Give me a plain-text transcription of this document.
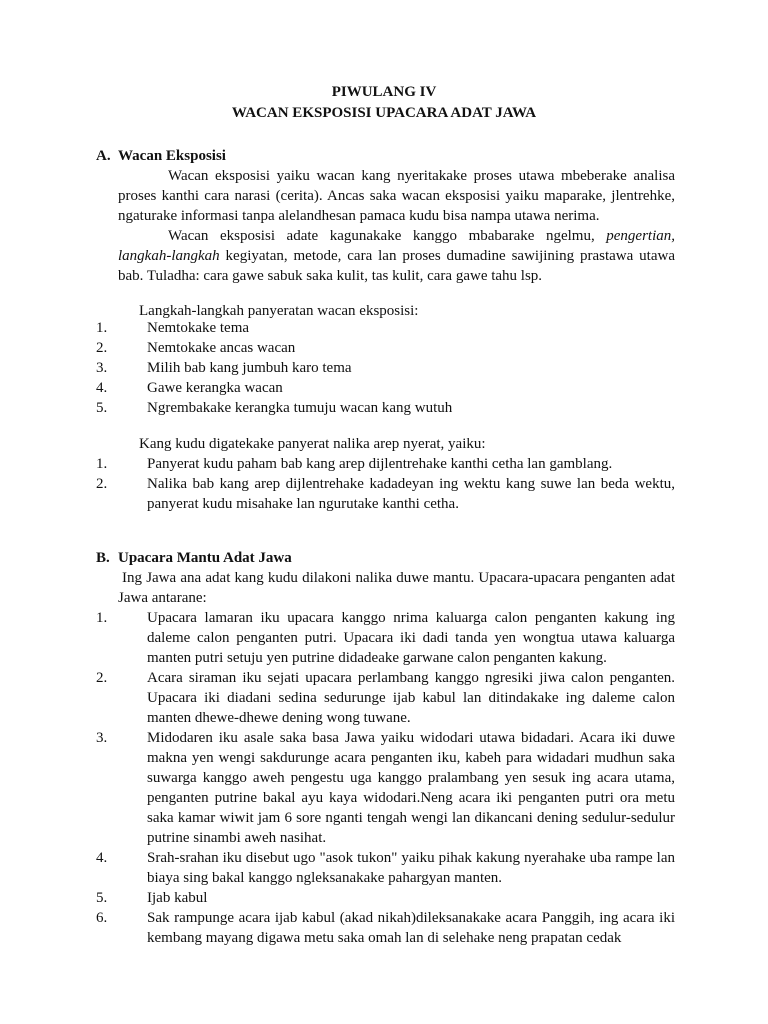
PIWULANG IV
WACAN EKSPOSISI UPACARA ADAT JAWA
A. Wacan Eksposisi

Wacan eksposisi yaiku wacan kang nyeritakake proses utawa mbeberake analisa proses kanthi cara narasi (cerita). Ancas saka wacan eksposisi yaiku maparake, jlentrehke, ngaturake informasi tanpa alelandhesan pamaca kudu bisa nampa utawa nerima.

Wacan eksposisi adate kagunakake kanggo mbabarake ngelmu, pengertian, langkah-langkah kegiyatan, metode, cara lan proses dumadine sawijining prastawa utawa bab. Tuladha: cara gawe sabuk saka kulit, tas kulit, cara gawe tahu lsp.

Langkah-langkah panyeratan wacan eksposisi:
1.	Nemtokake tema
2.	Nemtokake ancas wacan
3.	Milih bab kang jumbuh karo tema
4.	Gawe kerangka wacan
5.	Ngrembakake kerangka tumuju wacan kang wutuh
Kang kudu digatekake panyerat nalika arep nyerat, yaiku:
1.	Panyerat kudu paham bab kang arep dijlentrehake kanthi cetha lan gamblang.
2.	Nalika bab kang arep dijlentrehake kadadeyan ing wektu kang suwe lan beda wektu, panyerat kudu misahake lan ngurutake kanthi cetha.
B. Upacara Mantu Adat Jawa

Ing Jawa ana adat kang kudu dilakoni nalika duwe mantu. Upacara-upacara penganten adat Jawa antarane:

1.	Upacara lamaran iku upacara kanggo nrima kaluarga calon penganten kakung ing daleme calon penganten putri. Upacara iki dadi tanda yen wongtua utawa kaluarga manten putri setuju yen putrine didadeake garwane calon penganten kakung.
2.	Acara siraman iku sejati upacara perlambang kanggo ngresiki jiwa calon penganten. Upacara iki diadani sedina sedurunge ijab kabul lan ditindakake ing daleme calon manten dhewe-dhewe dening wong tuwane.
3.	Midodaren iku asale saka basa Jawa yaiku widodari utawa bidadari. Acara iki duwe makna yen wengi sakdurunge acara penganten iku, kabeh para widadari mudhun saka suwarga kanggo aweh pengestu uga kanggo pralambang yen sesuk ing acara utama, penganten putrine bakal ayu kaya widodari.Neng acara iki penganten putri ora metu saka kamar wiwit jam 6 sore nganti tengah wengi lan dikancani dening sedulur-sedulur putrine sinambi aweh nasihat.
4.	Srah-srahan iku disebut ugo "asok tukon" yaiku pihak kakung nyerahake uba rampe lan biaya sing bakal kanggo ngleksanakake pahargyan manten.
5.	Ijab kabul
6.	Sak rampunge acara ijab kabul (akad nikah)dileksanakake acara Panggih, ing acara iki kembang mayang digawa metu saka omah lan di selehake neng prapatan cedak
